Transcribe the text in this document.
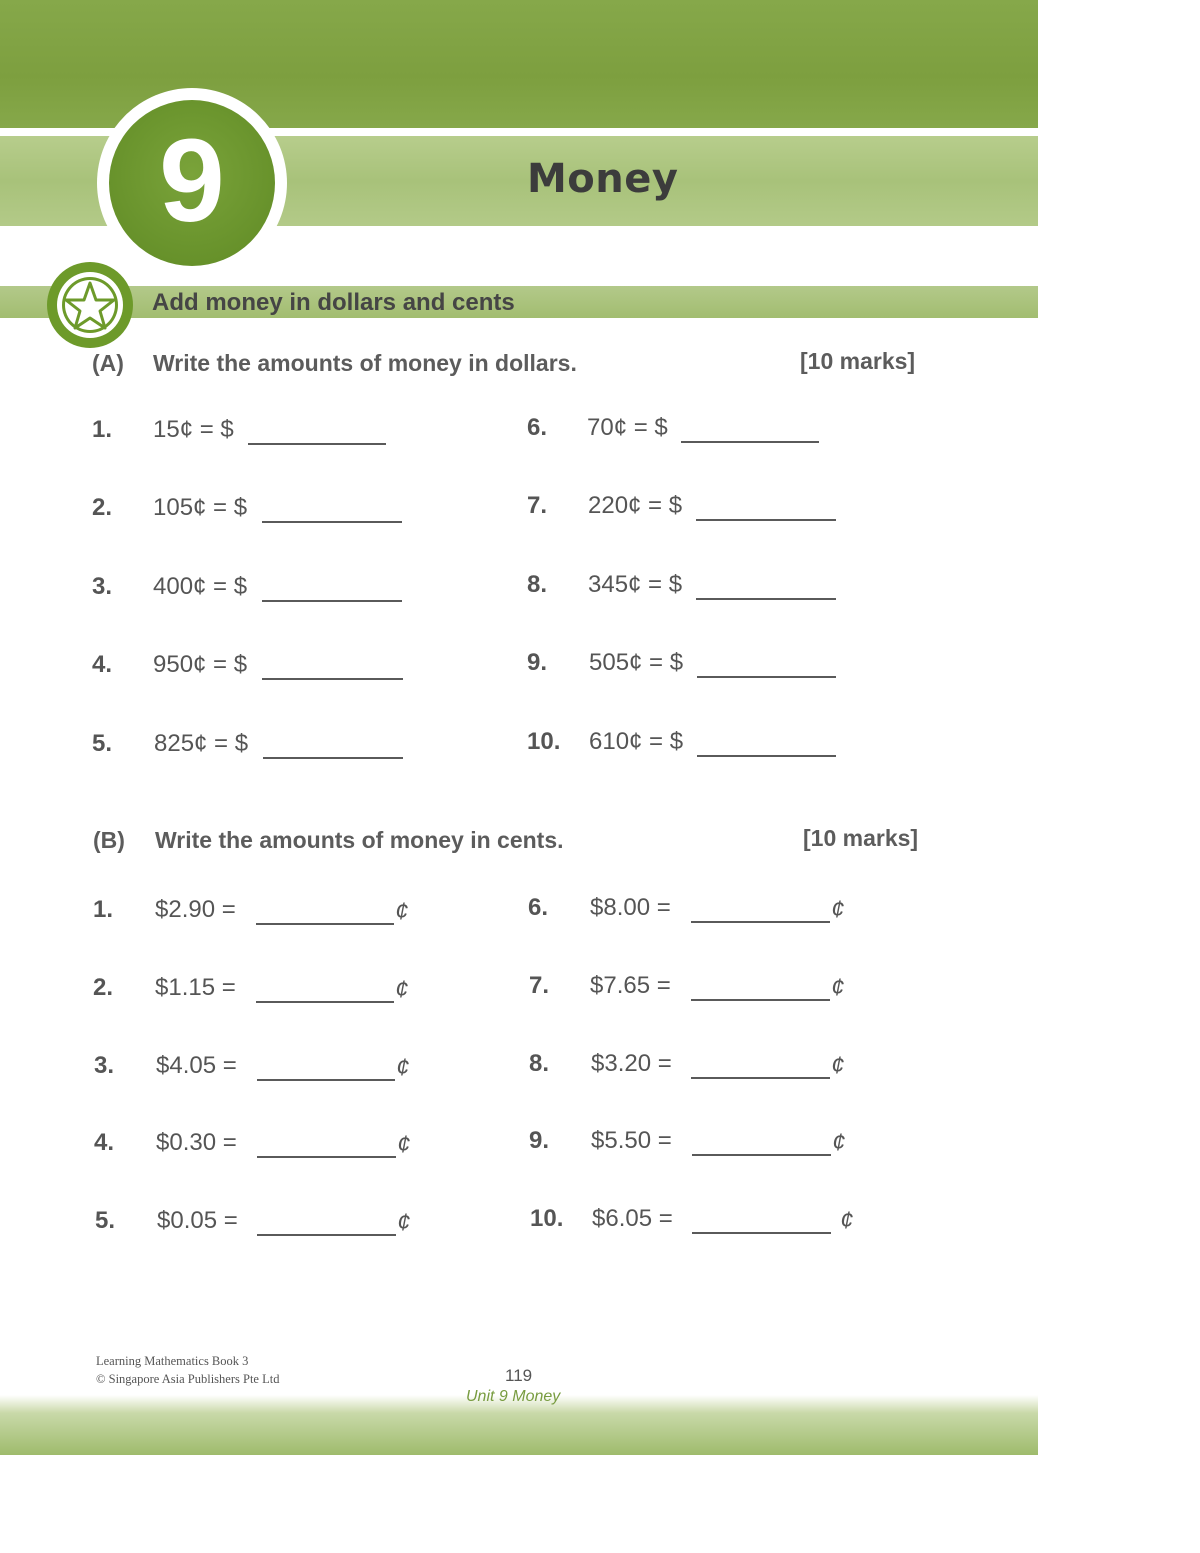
9	Money
Add money in dollars and cents
(A) Write the amounts of money in dollars.	[10 marks]
(B) Write the amounts of money in cents.	[10 marks]
1. 15¢ = $
2. 105¢ = $
3. 400¢ = $
4. 950¢ = $
5. 825¢ = $
6. 70¢ = $
7. 220¢ = $
8. 345¢ = $
9. 505¢ = $
10. 610¢ = $
1. $2.90 =	¢
2. $1.15 =	¢
3. $4.05 =	¢
4. $0.30 =	¢
5. $0.05 =	¢
6. $8.00 =	¢
7. $7.65 =	¢
8. $3.20 =	¢
9. $5.50 =	¢
10. $6.05 =	¢
Learning Mathematics Book 3
© Singapore Asia Publishers Pte Ltd	119
Unit 9 Money
